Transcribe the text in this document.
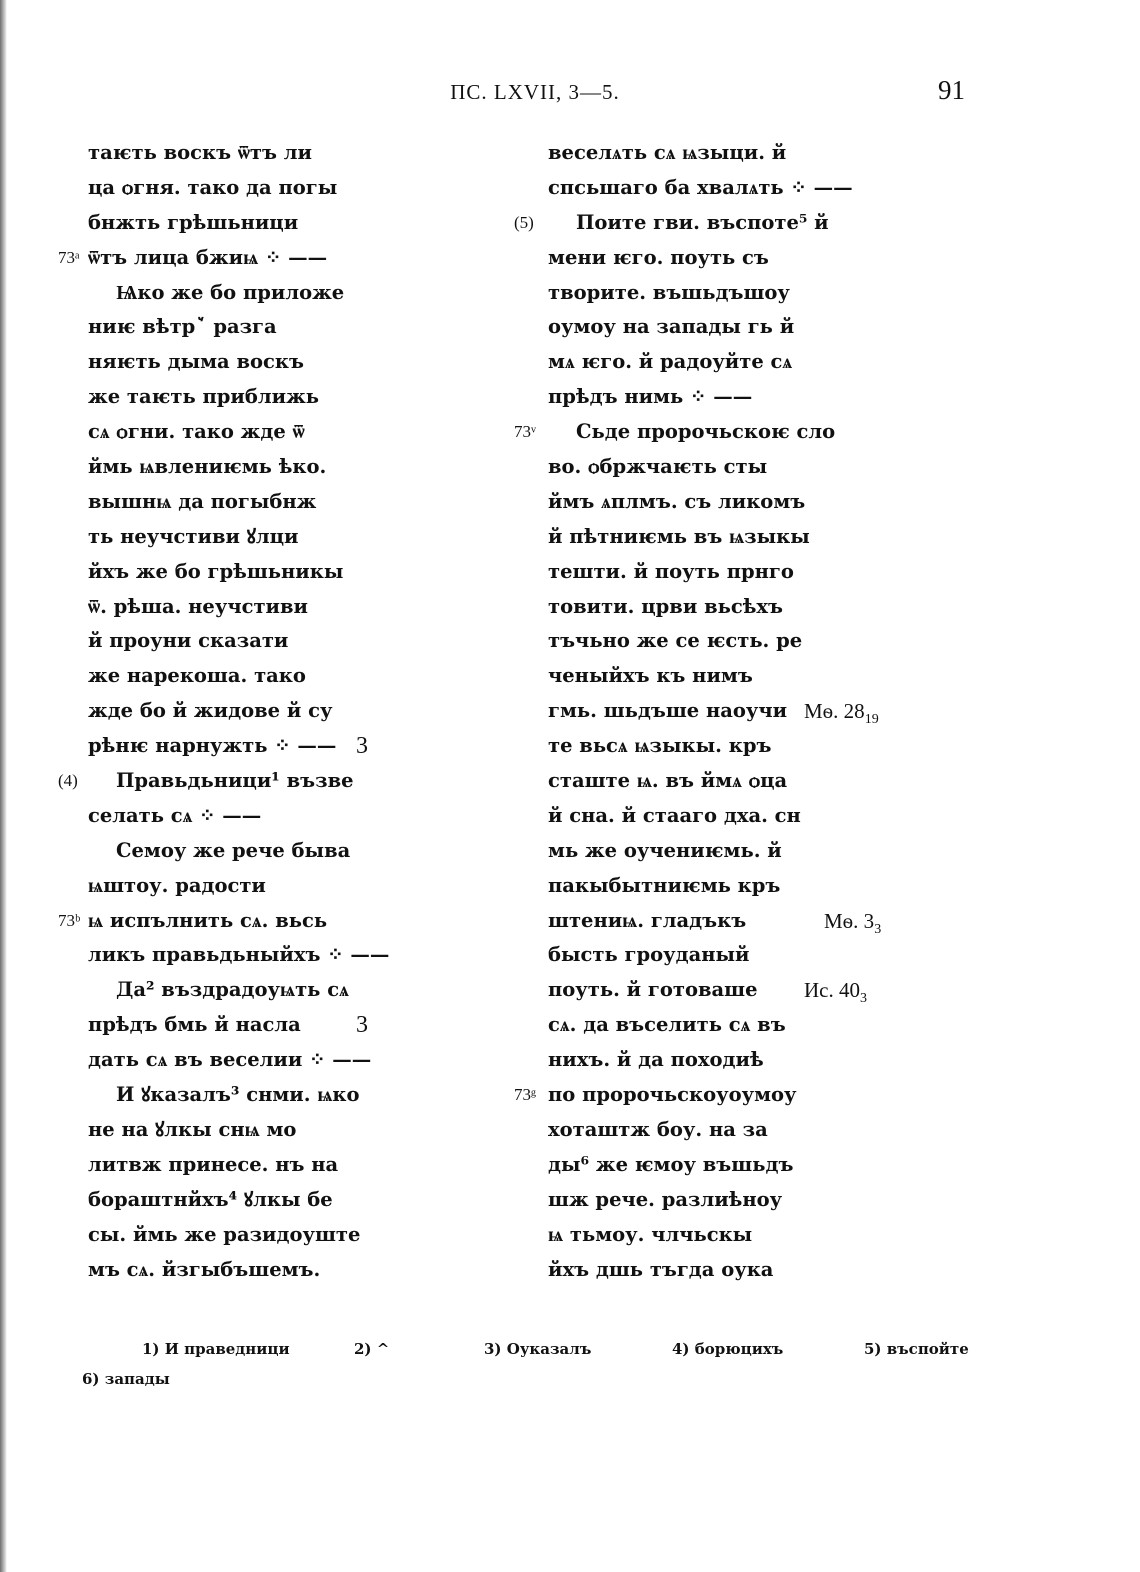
ПС. LXVII, 3—5.	91
таѥть воскъ ѿтъ ли
ца ѻгня. тако да погы
бнжть грѣшьници
73ᵃ ѿтъ лица бжиѩ ⁘ ——
Ѩко же бо приложе
ниѥ вѣтрꙿ разга
няѥть дыма воскъ
же таѥть приближь
сѧ ѻгни. тако жде ѿ
ймь ѩвлениѥмь ѣко.
вышнѩ да погыбнж
ть неучстиви ꙋлци
йхъ же бо грѣшьникы
ѿ. рѣша. неучстиви
й проуни сказати
же нарекоша. тако
жде бо й жидове й су
рѣнѥ нарнужть ⁘ —— 3
(4) Правьдьници¹ възве
селать сѧ ⁘ ——
Семоу же рече быва
ѩштоу. радости
73ᵇ ѩ испълнить сѧ. вьсь
ликъ правьдьныйхъ ⁘ ——
Да² въздрадоуѩть сѧ
прѣдъ бмь й насла 3
дать сѧ въ веселии ⁘ ——
И ꙋказалъ³ снми. ѩко
не на ꙋлкы снѩ мо
литвж принесе. нъ на
борaштнйхъ⁴ ꙋлкы бе
сы. ймь же разидоуште
мъ сѧ. йзгыбъшемъ.
веселѧть сѧ ѩзыци. й
спсьшаго ба хвалѧть ⁘ ——
(5) Поите гви. въспоте⁵ й
мени ѥго. поуть съ
творите. въшьдъшоу
оумоу на запады гь й
мѧ ѥго. й радоуйте сѧ
прѣдъ нимь ⁘ ——
73ᵛ Сьде пророчьскоѥ сло
во. ѻбржчаѥть сты
ймъ ѧплмъ. съ ликомъ
й пѣтниѥмь въ ѩзыкы
тешти. й поуть прнго
товити. црви вьсѣхъ
тъчьно же се ѥсть. ре
ченыйхъ къ нимъ
гмь. шьдъше наоучи Мѳ. $28_{19}$
те вьсѧ ѩзыкы. кръ
сташте ѩ. въ ймѧ ѻца
й сна. й стааго дха. сн
мь же оучениѥмь. й
пакыбытниѥмь кръ
штениѩ. гладъкъ	Мѳ. $3_3$
бысть гроуданый
поуть. й готоваше Ис. $40_3$
сѧ. да въселить сѧ въ
нихъ. й да походиѣ
73ᵍ по пророчьскоуоумоу
хоташтж боу. на за
ды⁶ же ѥмоу въшьдъ
шж рече. разлиѣноу
ѩ тьмоу. члчьскы
йхъ дшь тъгда оука
1) И праведници	2) ^	3) Оуказалъ	4) борюцихъ	5) въспойте
6) запады
